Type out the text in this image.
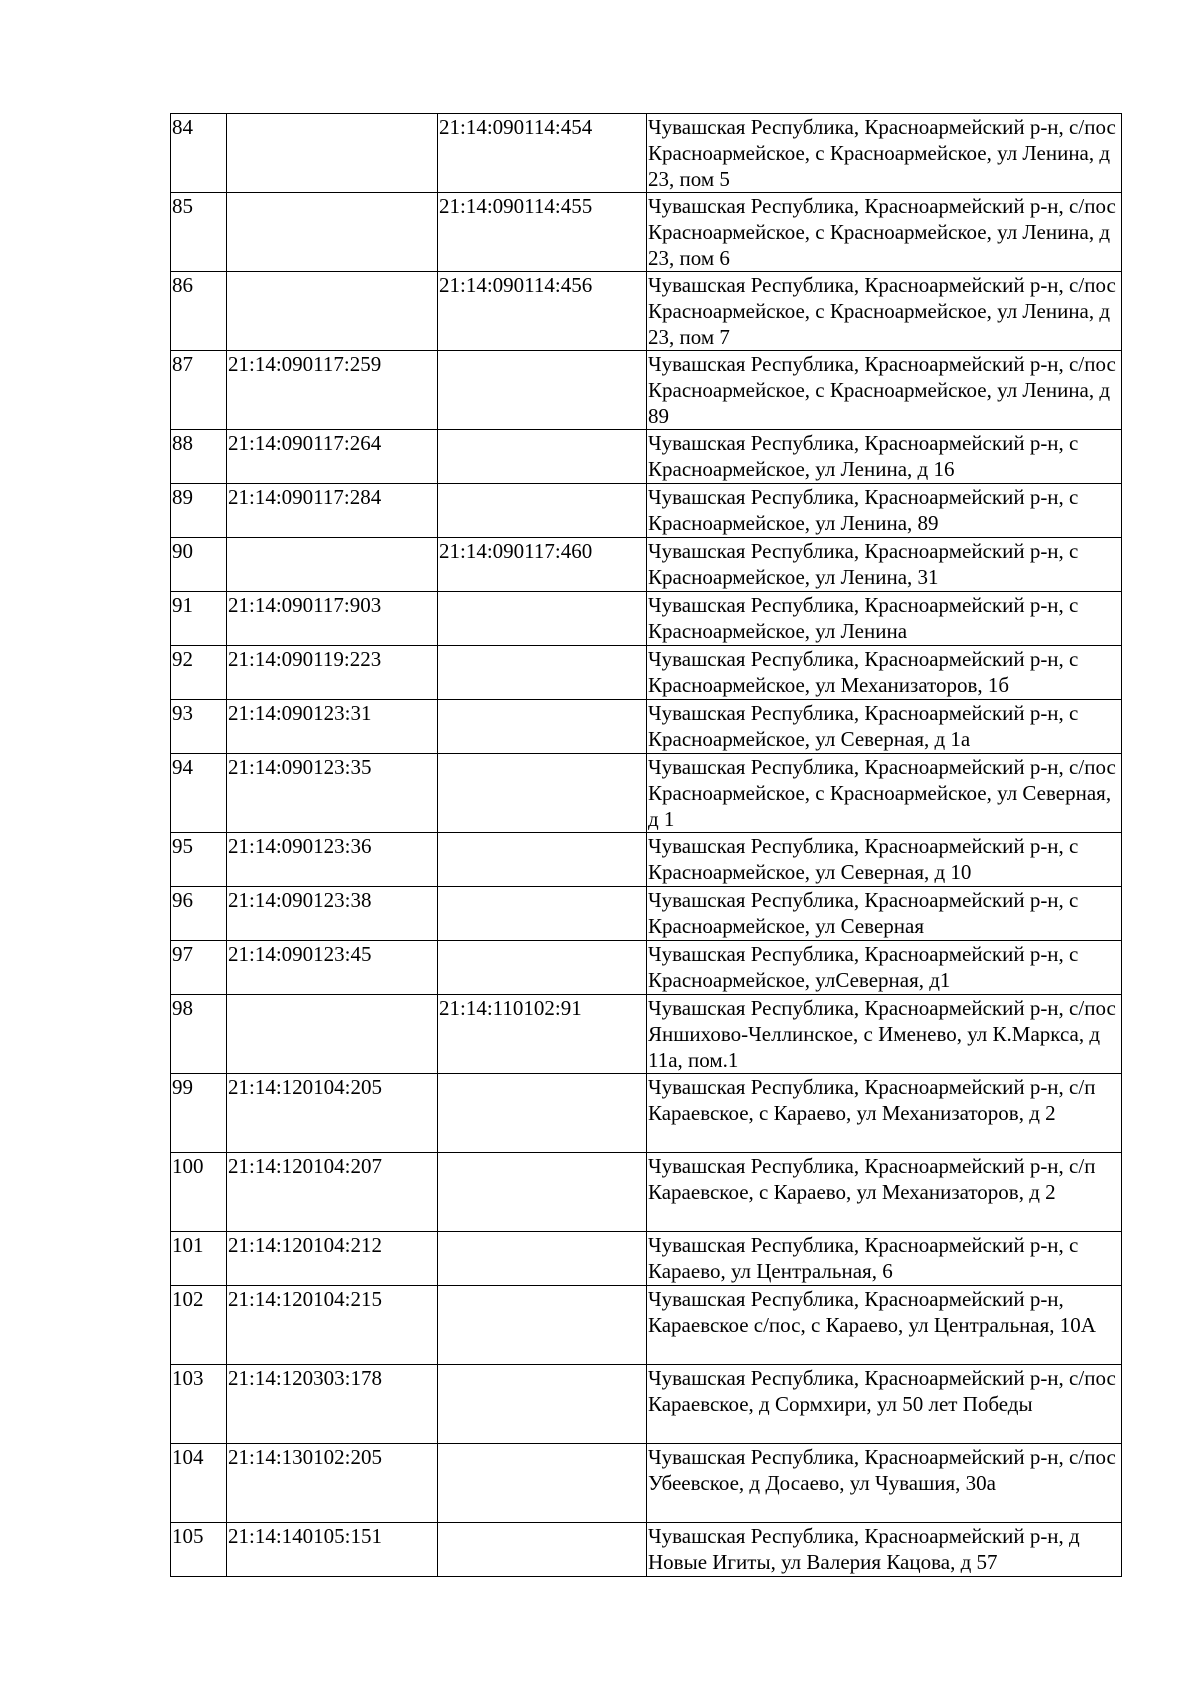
84		21:14:090114:454	Чувашская Республика, Красноармейский р-н, с/пос Красноармейское, с Красноармейское, ул Ленина, д 23, пом 5
85		21:14:090114:455	Чувашская Республика, Красноармейский р-н, с/пос Красноармейское, с Красноармейское, ул Ленина, д 23, пом 6
86		21:14:090114:456	Чувашская Республика, Красноармейский р-н, с/пос Красноармейское, с Красноармейское, ул Ленина, д 23, пом 7
87	21:14:090117:259		Чувашская Республика, Красноармейский р-н, с/пос Красноармейское, с Красноармейское, ул Ленина, д 89
88	21:14:090117:264		Чувашская Республика, Красноармейский р-н, с Красноармейское, ул Ленина, д 16
89	21:14:090117:284		Чувашская Республика, Красноармейский р-н, с Красноармейское, ул Ленина, 89
90		21:14:090117:460	Чувашская Республика, Красноармейский р-н, с Красноармейское, ул Ленина, 31
91	21:14:090117:903		Чувашская Республика, Красноармейский р-н, с Красноармейское, ул Ленина
92	21:14:090119:223		Чувашская Республика, Красноармейский р-н, с Красноармейское, ул Механизаторов, 1б
93	21:14:090123:31		Чувашская Республика, Красноармейский р-н, с Красноармейское, ул Северная, д 1а
94	21:14:090123:35		Чувашская Республика, Красноармейский р-н, с/пос Красноармейское, с Красноармейское, ул Северная, д 1
95	21:14:090123:36		Чувашская Республика, Красноармейский р-н, с Красноармейское, ул Северная, д 10
96	21:14:090123:38		Чувашская Республика, Красноармейский р-н, с Красноармейское, ул Северная
97	21:14:090123:45		Чувашская Республика, Красноармейский р-н, с Красноармейское, улСеверная, д1
98		21:14:110102:91	Чувашская Республика, Красноармейский р-н, с/пос Яншихово-Челлинское, с Именево, ул К.Маркса, д 11а, пом.1
99	21:14:120104:205		Чувашская Республика, Красноармейский р-н, с/п Караевское, с Караево, ул Механизаторов, д 2
100	21:14:120104:207		Чувашская Республика, Красноармейский р-н, с/п Караевское, с Караево, ул Механизаторов, д 2
101	21:14:120104:212		Чувашская Республика, Красноармейский р-н, с Караево, ул Центральная, 6
102	21:14:120104:215		Чувашская Республика, Красноармейский р-н, Караевское с/пос, с Караево, ул Центральная, 10А
103	21:14:120303:178		Чувашская Республика, Красноармейский р-н, с/пос Караевское, д Сормхири, ул 50 лет Победы
104	21:14:130102:205		Чувашская Республика, Красноармейский р-н, с/пос Убеевское, д Досаево, ул Чувашия, 30а
105	21:14:140105:151		Чувашская Республика, Красноармейский р-н, д Новые Игиты, ул Валерия Кацова, д 57
